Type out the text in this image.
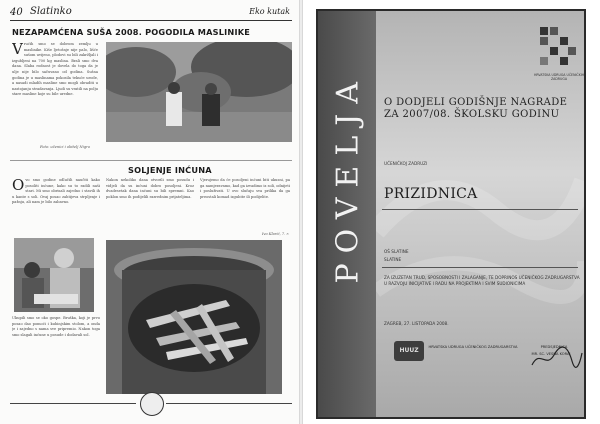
40 Slatinko	Eko kutak
NEZAPAMĆENA SUŠA 2008. POGODILA MASLINIKE
Vrućih smo se dobrom zemlju u maslinike. Kiše ljetošnje nije palo, lišće sušom uvijeno, plodovi su bili zakržljali i izgubljeni na 700 kg maslina. Brali smo dva dana. Slaba rodnost je dovela do toga da je ulje nije bilo sačuvano od godina. Sušna godina je u maslinama pokosila tekuće urode, a nasadi mladih masline smo mogli obraditi u nastojanju stradavanja. Ljudi su vratili na polju stare masline koje su bile uredne.
Foto: učenici i obitelj Nigro
SOLJENJE INĆUNA
Ovo smo godine odlučili naučiti kako posoliti inćune, kako su to radili naši stari. Mi smo obrisali zajedno i stavili ih u kante s soli. Ovaj posao zahtijeva strpljenje i pažnju, ali nam je bilo zabavno.
Ukupili smo se oko gospe. Bruška, koji je prvo posao dao pomoći i kuhinjskim stolom, a onda je i zajedno s nama sve pripremio. Nakon toga smo slagali inćune u posude i dodavali sol.
Nakon nekoliko dana otvorili smo posudu i vidjeli da su inćuni dobro posoljeni. Kroz dvadesetak dana inćuni su bili spremni. Kao poklon smo ih podijelili razrednim prijateljima.
Vjerujemo da će posoljeni inćuni biti ukusni, pa ga namjeravamo, kad ga izvadimo iz soli, odnijeti i posluživati. U ovo slučaju sva prilika da ga preostali komad izgubite ili podijelite.
Ivo Klarić, 7. r. POVELJA	HRVATSKA UDRUGA UČENIČKIH ZADRUGA
O DODJELI GODIŠNJE NAGRADE
ZA 2007/08. ŠKOLSKU GODINU
UČENIČKOJ ZADRUZI
PRIZIDNICA
OŠ SLATINE
SLATINE
ZA IZUZETAN TRUD, SPOSOBNOSTI I ZALAGANJE, TE DOPRINOS UČENIČKOG ZADRUGARSTVA U RAZVOJU INICIJATIVE I RADU NA PROJEKTIMA I SVIM SUDIONICIMA
ZAGREB, 27. LISTOPADA 2008.
HUUZ	HRVATSKA UDRUGA UČENIČKOG ZADRUGARSTVA	PREDSJEDNICA
MR. SC. VESNA KORAJ
